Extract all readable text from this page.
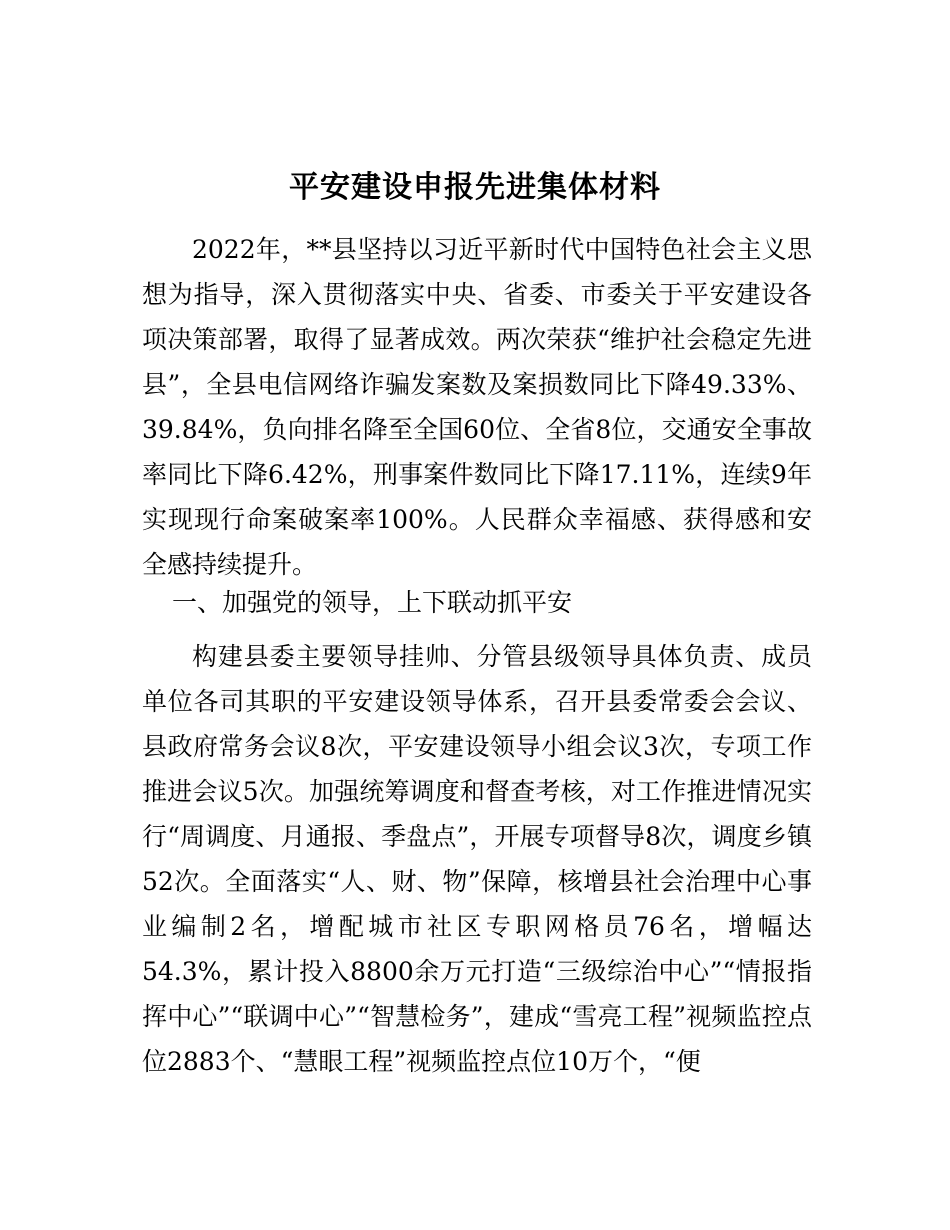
平安建设申报先进集体材料

2022年，**县坚持以习近平新时代中国特色社会主义思想为指导，深入贯彻落实中央、省委、市委关于平安建设各项决策部署，取得了显著成效。两次荣获“维护社会稳定先进县”，全县电信网络诈骗发案数及案损数同比下降49.33%、39.84%，负向排名降至全国60位、全省8位，交通安全事故率同比下降6.42%，刑事案件数同比下降17.11%，连续9年实现现行命案破案率100%。人民群众幸福感、获得感和安全感持续提升。

一、加强党的领导，上下联动抓平安

构建县委主要领导挂帅、分管县级领导具体负责、成员单位各司其职的平安建设领导体系，召开县委常委会会议、县政府常务会议8次，平安建设领导小组会议3次，专项工作推进会议5次。加强统筹调度和督查考核，对工作推进情况实行“周调度、月通报、季盘点”，开展专项督导8次，调度乡镇52次。全面落实“人、财、物”保障，核增县社会治理中心事业编制2名，增配城市社区专职网格员76名，增幅达54.3%，累计投入8800余万元打造“三级综治中心”“情报指挥中心”“联调中心”“智慧检务”，建成“雪亮工程”视频监控点位2883个、“慧眼工程”视频监控点位10万个，“便
